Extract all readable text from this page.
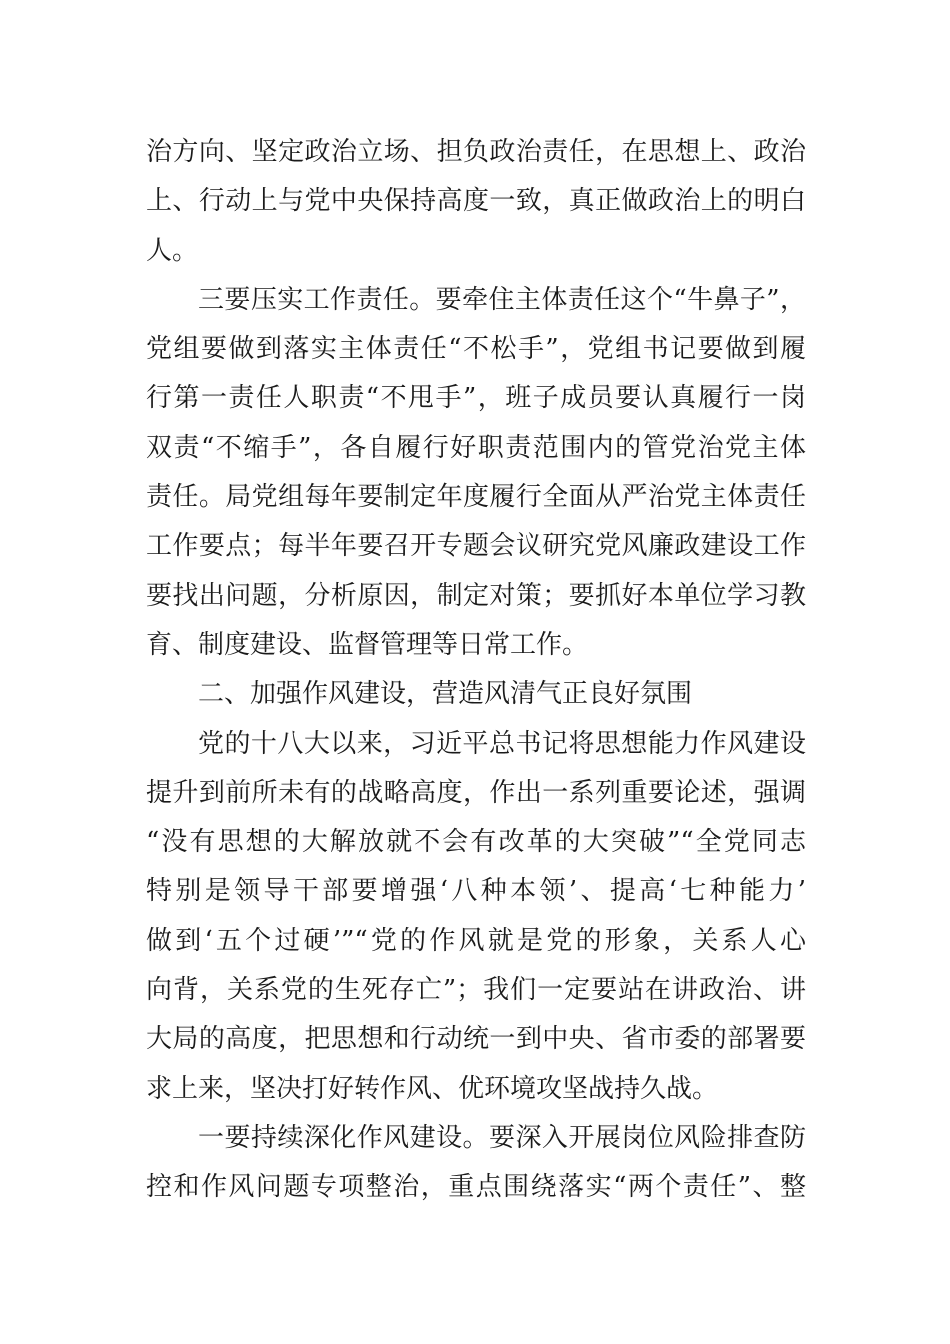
治方向、坚定政治立场、担负政治责任，在思想上、政治
上、行动上与党中央保持高度一致，真正做政治上的明白
人。
三要压实工作责任。要牵住主体责任这个“牛鼻子”，
党组要做到落实主体责任“不松手”，党组书记要做到履
行第一责任人职责“不甩手”，班子成员要认真履行一岗
双责“不缩手”，各自履行好职责范围内的管党治党主体
责任。局党组每年要制定年度履行全面从严治党主体责任
工作要点；每半年要召开专题会议研究党风廉政建设工作
要找出问题，分析原因，制定对策；要抓好本单位学习教
育、制度建设、监督管理等日常工作。
二、加强作风建设，营造风清气正良好氛围
党的十八大以来，习近平总书记将思想能力作风建设
提升到前所未有的战略高度，作出一系列重要论述，强调
“没有思想的大解放就不会有改革的大突破”“全党同志
特别是领导干部要增强‘八种本领’、提高‘七种能力’
做到‘五个过硬’”“党的作风就是党的形象，关系人心
向背，关系党的生死存亡”；我们一定要站在讲政治、讲
大局的高度，把思想和行动统一到中央、省市委的部署要
求上来，坚决打好转作风、优环境攻坚战持久战。
一要持续深化作风建设。要深入开展岗位风险排查防
控和作风问题专项整治，重点围绕落实“两个责任”、整
